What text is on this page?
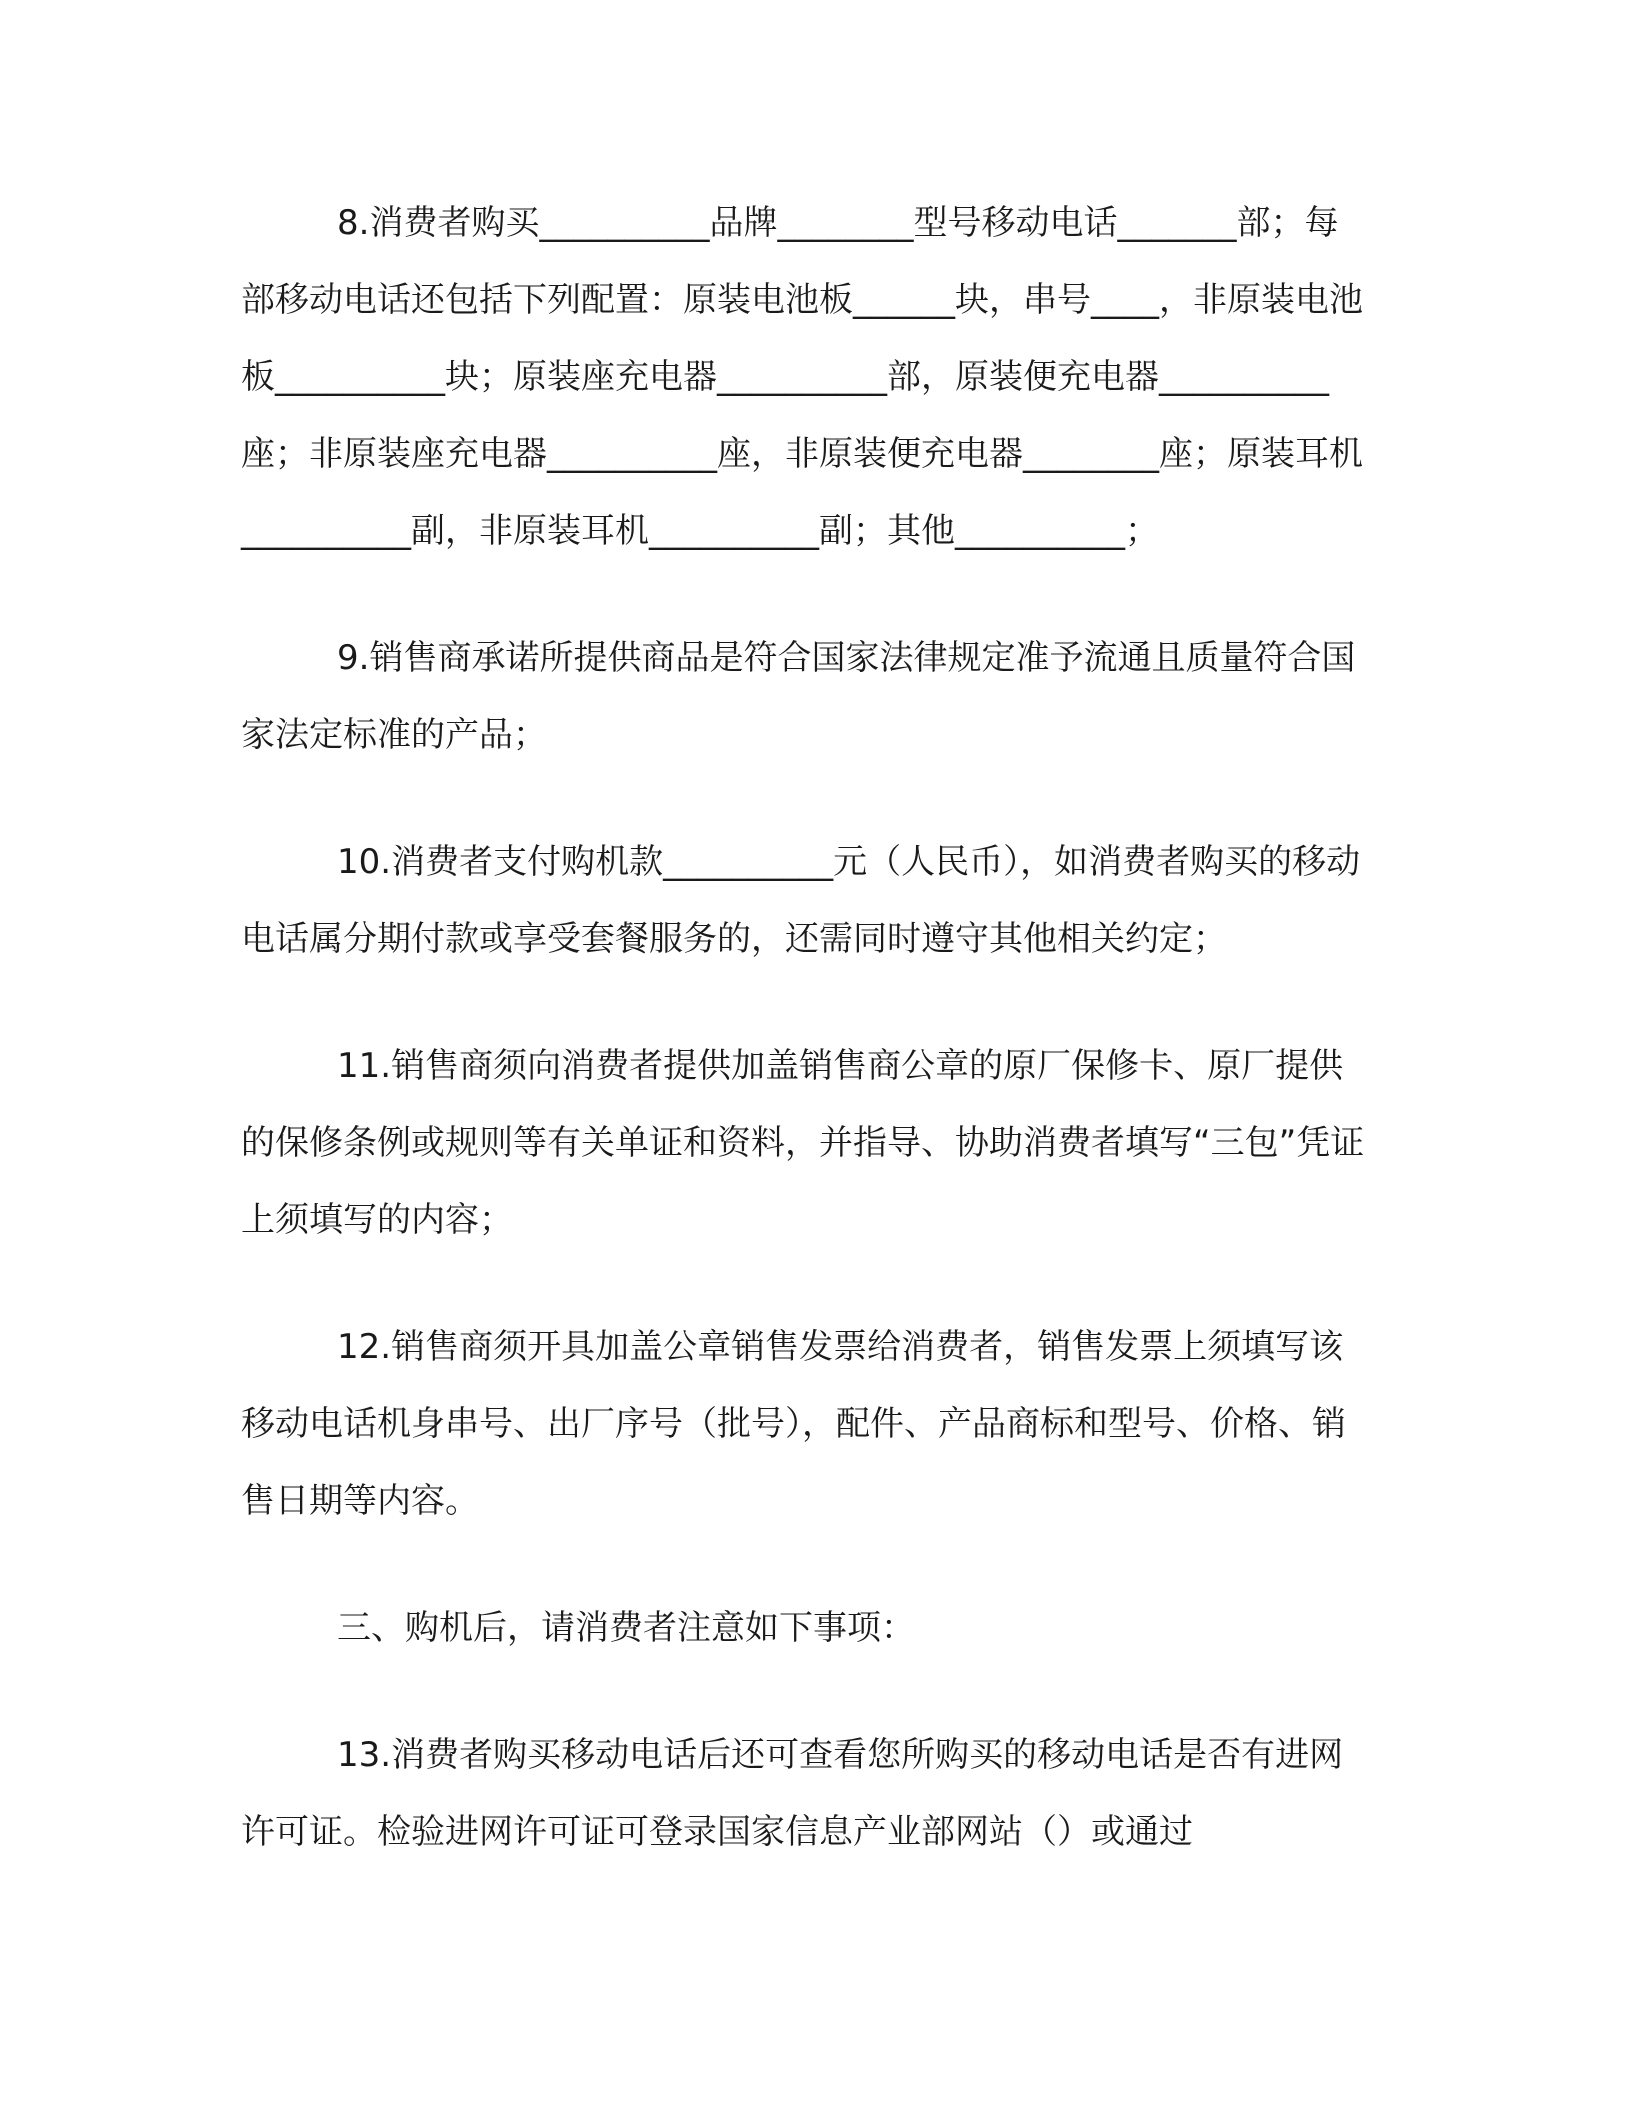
8.消费者购买__________品牌________型号移动电话_______部；每部移动电话还包括下列配置：原装电池板______块，串号____，非原装电池板__________块；原装座充电器__________部，原装便充电器__________座；非原装座充电器__________座，非原装便充电器________座；原装耳机__________副，非原装耳机__________副；其他__________；

9.销售商承诺所提供商品是符合国家法律规定准予流通且质量符合国家法定标准的产品；

10.消费者支付购机款__________元（人民币），如消费者购买的移动电话属分期付款或享受套餐服务的，还需同时遵守其他相关约定；

11.销售商须向消费者提供加盖销售商公章的原厂保修卡、原厂提供的保修条例或规则等有关单证和资料，并指导、协助消费者填写“三包”凭证上须填写的内容；

12.销售商须开具加盖公章销售发票给消费者，销售发票上须填写该移动电话机身串号、出厂序号（批号），配件、产品商标和型号、价格、销售日期等内容。

三、购机后，请消费者注意如下事项：

13.消费者购买移动电话后还可查看您所购买的移动电话是否有进网许可证。检验进网许可证可登录国家信息产业部网站（）或通过
